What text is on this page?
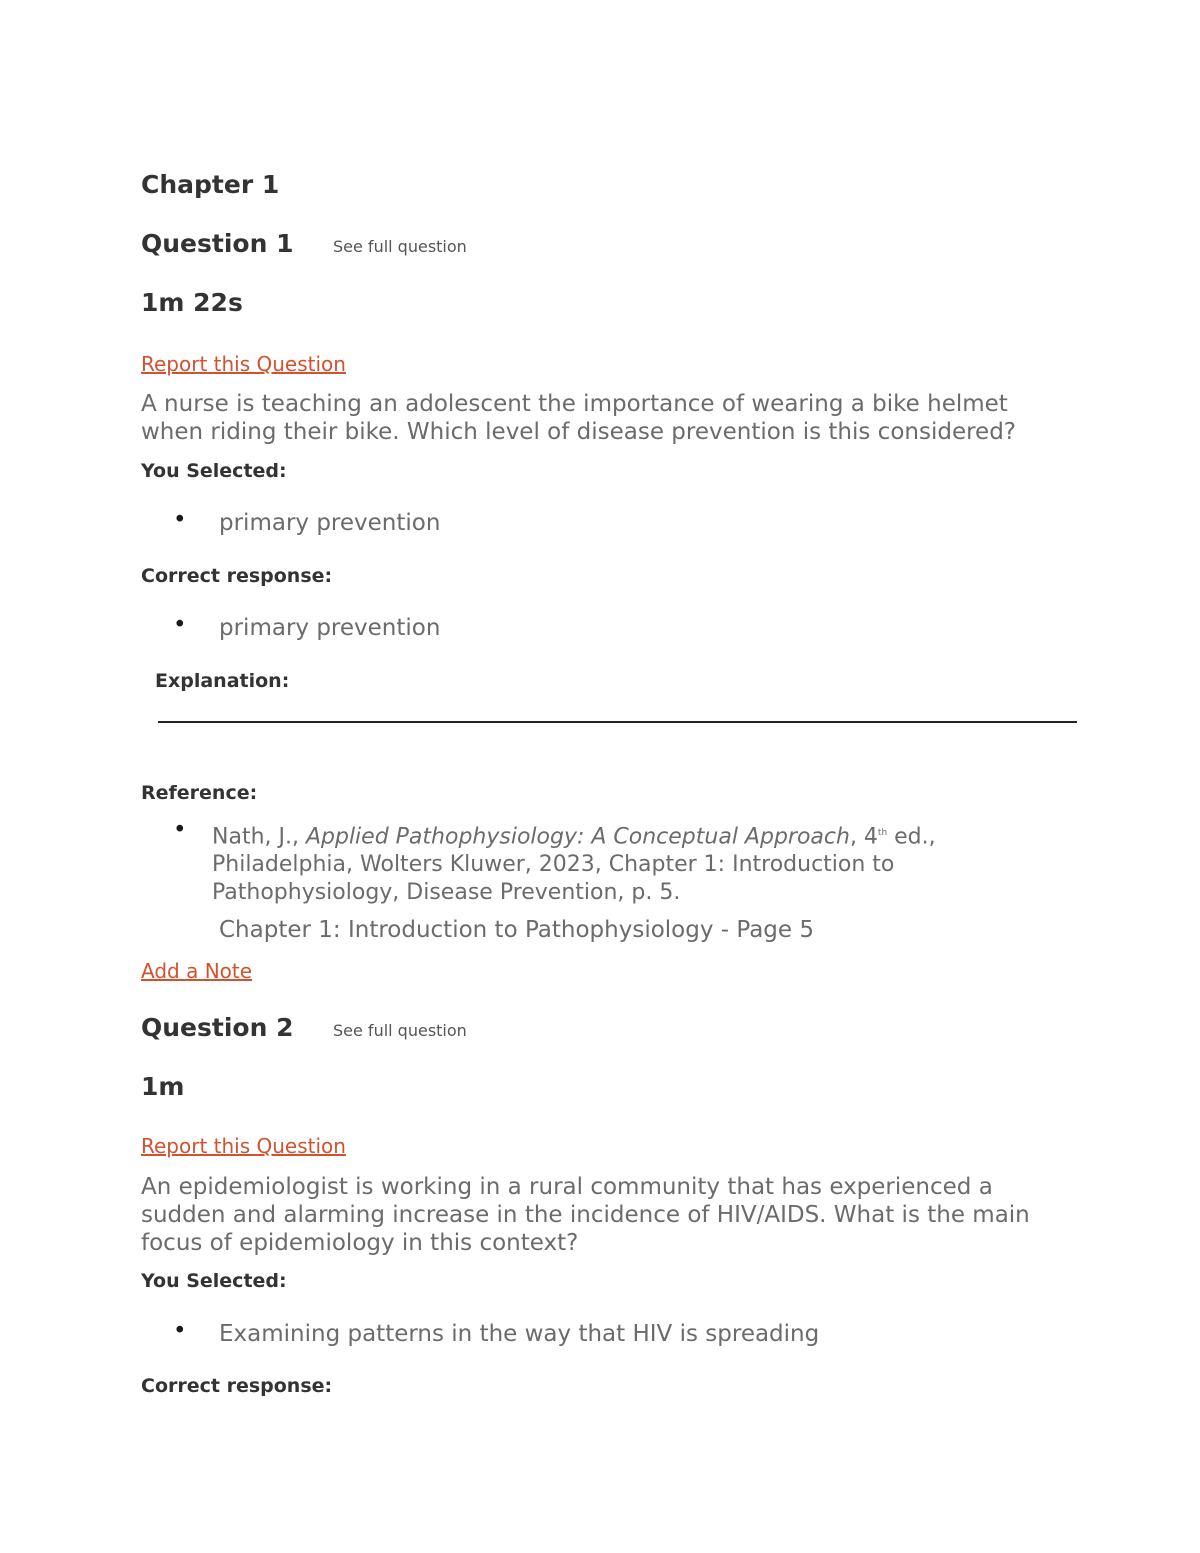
Chapter 1
Question 1 See full question
1m 22s
Report this Question
A nurse is teaching an adolescent the importance of wearing a bike helmet when riding their bike. Which level of disease prevention is this considered?
You Selected:
• primary prevention
Correct response:
• primary prevention
Explanation:
Reference:
• Nath, J., Applied Pathophysiology: A Conceptual Approach, 4th ed., Philadelphia, Wolters Kluwer, 2023, Chapter 1: Introduction to Pathophysiology, Disease Prevention, p. 5.
Chapter 1: Introduction to Pathophysiology - Page 5
Add a Note
Question 2 See full question
1m
Report this Question
An epidemiologist is working in a rural community that has experienced a sudden and alarming increase in the incidence of HIV/AIDS. What is the main focus of epidemiology in this context?
You Selected:
• Examining patterns in the way that HIV is spreading
Correct response:
